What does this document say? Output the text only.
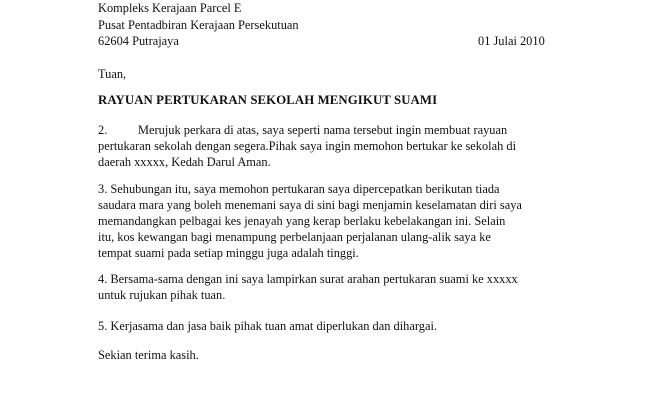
Kompleks Kerajaan Parcel E
Pusat Pentadbiran Kerajaan Persekutuan
62604 Putrajaya	01 Julai 2010
Tuan,
RAYUAN PERTUKARAN SEKOLAH MENGIKUT SUAMI
2. Merujuk perkara di atas, saya seperti nama tersebut ingin membuat rayuan
pertukaran sekolah dengan segera.Pihak saya ingin memohon bertukar ke sekolah di
daerah xxxxx, Kedah Darul Aman.
3. Sehubungan itu, saya memohon pertukaran saya dipercepatkan berikutan tiada
saudara mara yang boleh menemani saya di sini bagi menjamin keselamatan diri saya
memandangkan pelbagai kes jenayah yang kerap berlaku kebelakangan ini. Selain
itu, kos kewangan bagi menampung perbelanjaan perjalanan ulang-alik saya ke
tempat suami pada setiap minggu juga adalah tinggi.
4. Bersama-sama dengan ini saya lampirkan surat arahan pertukaran suami ke xxxxx
untuk rujukan pihak tuan.
5. Kerjasama dan jasa baik pihak tuan amat diperlukan dan dihargai.
Sekian terima kasih.
